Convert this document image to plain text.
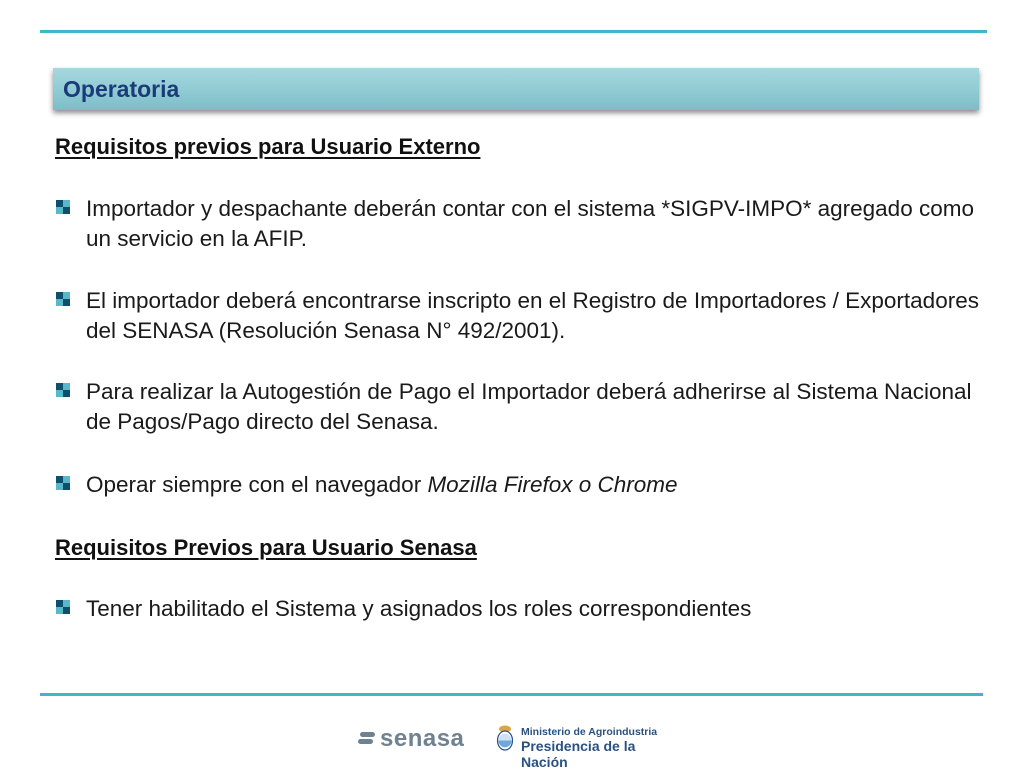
Operatoria
Requisitos previos para Usuario Externo
Importador y despachante deberán contar con el sistema *SIGPV-IMPO* agregado como un servicio en la AFIP.
El importador deberá encontrarse inscripto en el Registro de Importadores / Exportadores del SENASA (Resolución Senasa N° 492/2001).
Para realizar la Autogestión de Pago el Importador deberá adherirse al Sistema Nacional de Pagos/Pago directo del Senasa.
Operar siempre con el navegador Mozilla Firefox o Chrome
Requisitos Previos para Usuario Senasa
Tener habilitado el Sistema y asignados los roles correspondientes
senasa	Ministerio de Agroindustria
Presidencia de la Nación
